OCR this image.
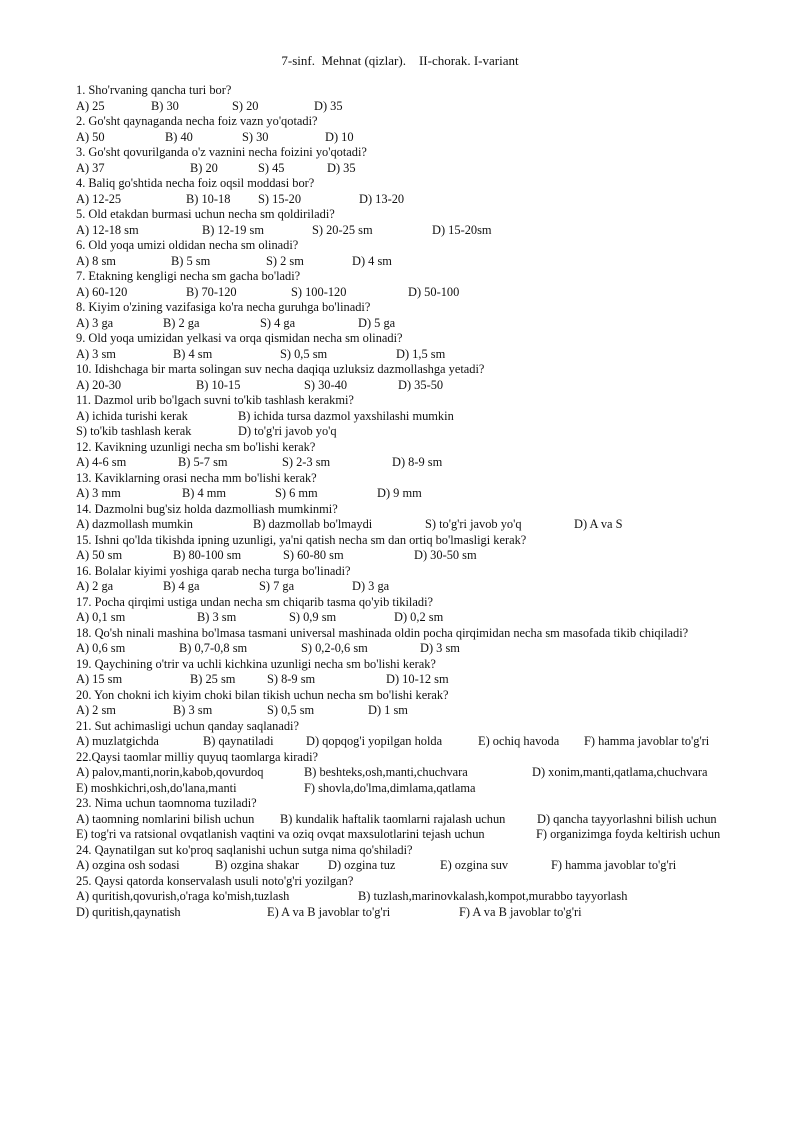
7-sinf.  Mehnat (qizlar).    II-chorak. I-variant
1. Sho'rvaning qancha turi bor?
A) 25	B) 30	S) 20	D) 35
2. Go'sht qaynaganda necha foiz vazn yo'qotadi?
A) 50	B) 40	S) 30	D) 10
3. Go'sht qovurilganda o'z vaznini necha foizini yo'qotadi?
A) 37	B) 20	S) 45	D) 35
4. Baliq go'shtida necha foiz oqsil moddasi bor?
A) 12-25	B) 10-18 S) 15-20	D) 13-20
5. Old etakdan burmasi uchun necha sm qoldiriladi?
A) 12-18 sm	B) 12-19 sm	S) 20-25 sm	D) 15-20sm
6. Old yoqa umizi oldidan necha sm olinadi?
A) 8 sm	B) 5 sm	S) 2 sm	D) 4 sm
7. Etakning kengligi necha sm gacha bo'ladi?
A) 60-120	B) 70-120	S) 100-120	D) 50-100
8. Kiyim o'zining vazifasiga ko'ra necha guruhga bo'linadi?
A) 3 ga	B) 2 ga	S) 4 ga	D) 5 ga
9. Old yoqa umizidan yelkasi va orqa qismidan necha sm olinadi?
A) 3 sm	B) 4 sm	S) 0,5 sm	D) 1,5 sm
10. Idishchaga bir marta solingan suv necha daqiqa uzluksiz dazmollashga yetadi?
A) 20-30	B) 10-15	S) 30-40	D) 35-50
11. Dazmol urib bo'lgach suvni to'kib tashlash kerakmi?
A) ichida turishi kerak	B) ichida tursa dazmol yaxshilashi mumkin
S) to'kib tashlash kerak	D) to'g'ri javob yo'q
12. Kavikning uzunligi necha sm bo'lishi kerak?
A) 4-6 sm	B) 5-7 sm	S) 2-3 sm	D) 8-9 sm
13. Kaviklarning orasi necha mm bo'lishi kerak?
A) 3 mm	B) 4 mm	S) 6 mm	D) 9 mm
14. Dazmolni bug'siz holda dazmolliash mumkinmi?
A) dazmollash mumkin	B) dazmollab bo'lmaydi	S) to'g'ri javob yo'q	D) A va S
15. Ishni qo'lda tikishda ipning uzunligi, ya'ni qatish necha sm dan ortiq bo'lmasligi kerak?
A) 50 sm	B) 80-100 sm	S) 60-80 sm	D) 30-50 sm
16. Bolalar kiyimi yoshiga qarab necha turga bo'linadi?
A) 2 ga	B) 4 ga	S) 7 ga	D) 3 ga
17. Pocha qirqimi ustiga undan necha sm chiqarib tasma qo'yib tikiladi?
A) 0,1 sm	B) 3 sm	S) 0,9 sm	D) 0,2 sm
18. Qo'sh ninali mashina bo'lmasa tasmani universal mashinada oldin pocha qirqimidan necha sm masofada tikib chiqiladi?
A) 0,6 sm	B) 0,7-0,8 sm	S) 0,2-0,6 sm	D) 3 sm
19. Qaychining o'trir va uchli kichkina uzunligi necha sm bo'lishi kerak?
A) 15 sm	B) 25 sm	S) 8-9 sm	D) 10-12 sm
20. Yon chokni ich kiyim choki bilan tikish uchun necha sm bo'lishi kerak?
A) 2 sm	B) 3 sm	S) 0,5 sm	D) 1 sm
21. Sut achimasligi uchun qanday saqlanadi?
A) muzlatgichda	B) qaynatiladi	D) qopqog'i yopilgan holda	E) ochiq havoda F) hamma javoblar to'g'ri
22.Qaysi taomlar milliy quyuq taomlarga kiradi?
A) palov,manti,norin,kabob,qovurdoq	B) beshteks,osh,manti,chuchvara	D) xonim,manti,qatlama,chuchvara
E) moshkichri,osh,do'lana,manti	F) shovla,do'lma,dimlama,qatlama
23. Nima uchun taomnoma tuziladi?
A) taomning nomlarini bilish uchun B) kundalik haftalik taomlarni rajalash uchun	D) qancha tayyorlashni bilish uchun
E) tog'ri va ratsional ovqatlanish vaqtini va oziq ovqat maxsulotlarini tejash uchun	F) organizimga foyda keltirish uchun
24. Qaynatilgan sut ko'proq saqlanishi uchun sutga nima qo'shiladi?
A) ozgina osh sodasi	B) ozgina shakar D) ozgina tuz	E) ozgina suv	F) hamma javoblar to'g'ri
25. Qaysi qatorda konservalash usuli noto'g'ri yozilgan?
A) quritish,qovurish,o'raga ko'mish,tuzlash	B) tuzlash,marinovkalash,kompot,murabbo tayyorlash
D) quritish,qaynatish	E) A va B javoblar to'g'ri	F) A va B javoblar to'g'ri
